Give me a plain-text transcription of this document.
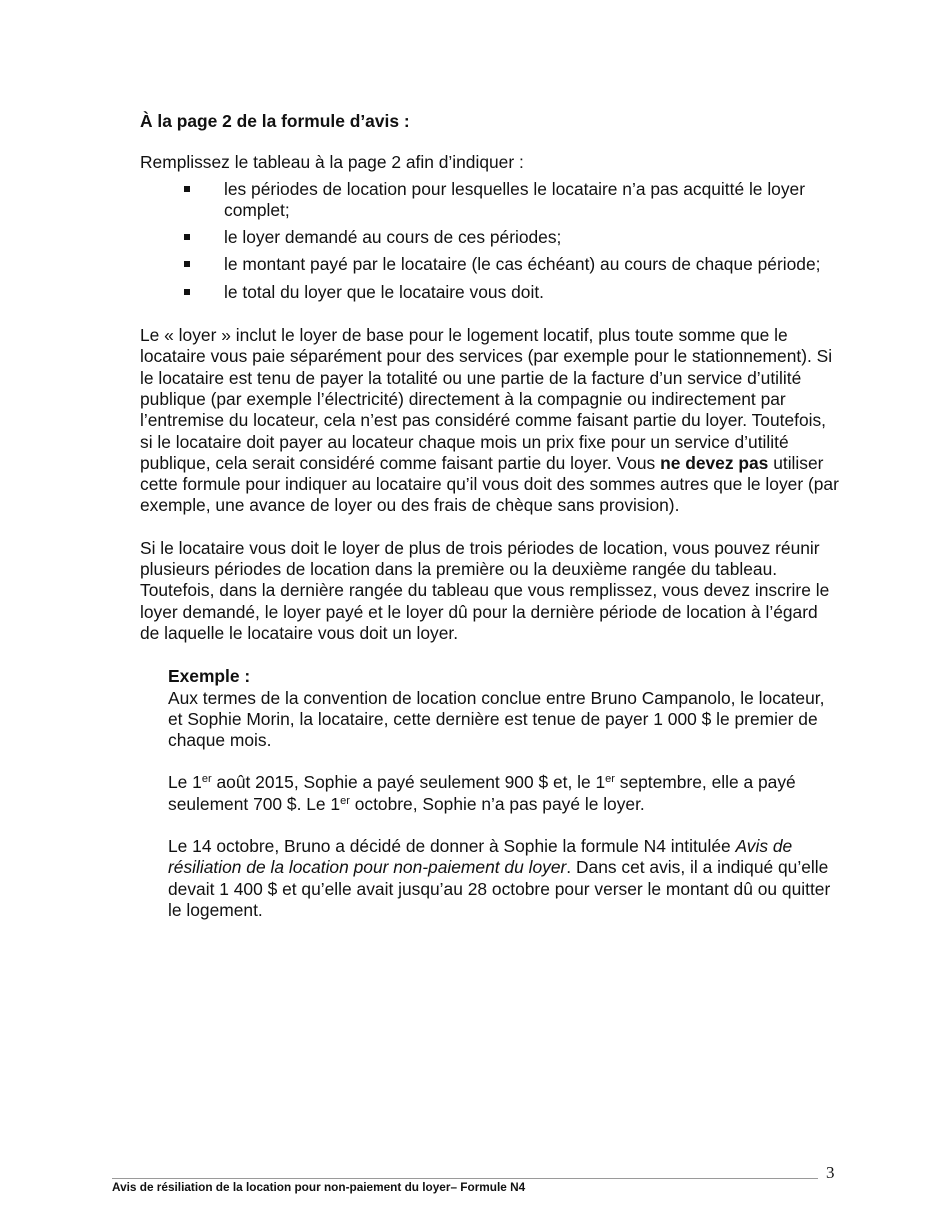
À la page 2 de la formule d’avis :

Remplissez le tableau à la page 2 afin d’indiquer :

les périodes de location pour lesquelles le locataire n’a pas acquitté le loyer complet;
le loyer demandé au cours de ces périodes;
le montant payé par le locataire (le cas échéant) au cours de chaque période;
le total du loyer que le locataire vous doit.

Le « loyer » inclut le loyer de base pour le logement locatif, plus toute somme que le locataire vous paie séparément pour des services (par exemple pour le stationnement). Si le locataire est tenu de payer la totalité ou une partie de la facture d’un service d’utilité publique (par exemple l’électricité) directement à la compagnie ou indirectement par l’entremise du locateur, cela n’est pas considéré comme faisant partie du loyer. Toutefois, si le locataire doit payer au locateur chaque mois un prix fixe pour un service d’utilité publique, cela serait considéré comme faisant partie du loyer. Vous ne devez pas utiliser cette formule pour indiquer au locataire qu’il vous doit des sommes autres que le loyer (par exemple, une avance de loyer ou des frais de chèque sans provision).

Si le locataire vous doit le loyer de plus de trois périodes de location, vous pouvez réunir plusieurs périodes de location dans la première ou la deuxième rangée du tableau. Toutefois, dans la dernière rangée du tableau que vous remplissez, vous devez inscrire le loyer demandé, le loyer payé et le loyer dû pour la dernière période de location à l’égard de laquelle le locataire vous doit un loyer.

Exemple :

Aux termes de la convention de location conclue entre Bruno Campanolo, le locateur, et Sophie Morin, la locataire, cette dernière est tenue de payer 1 000 $ le premier de chaque mois.

Le 1er août 2015, Sophie a payé seulement 900 $ et, le 1er septembre, elle a payé seulement 700 $. Le 1er octobre, Sophie n’a pas payé le loyer.

Le 14 octobre, Bruno a décidé de donner à Sophie la formule N4 intitulée Avis de résiliation de la location pour non-paiement du loyer. Dans cet avis, il a indiqué qu’elle devait 1 400 $ et qu’elle avait jusqu’au 28 octobre pour verser le montant dû ou quitter le logement.

Avis de résiliation de la location pour non-paiement du loyer– Formule N4
3
